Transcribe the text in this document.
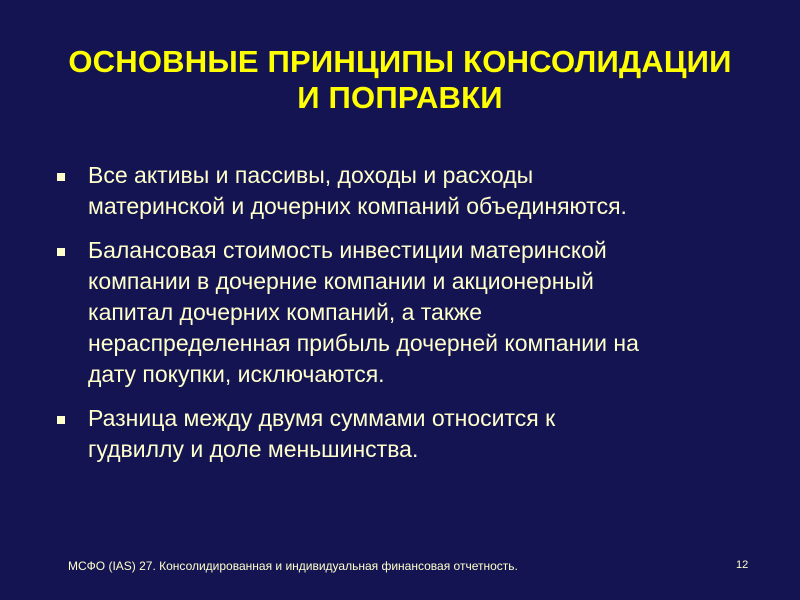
ОСНОВНЫЕ ПРИНЦИПЫ КОНСОЛИДАЦИИ
И ПОПРАВКИ
Все активы и пассивы, доходы и расходы
материнской и дочерних компаний объединяются.
Балансовая стоимость инвестиции материнской
компании в дочерние компании и акционерный
капитал дочерних компаний, а также
нераспределенная прибыль дочерней компании на
дату покупки, исключаются.
Разница между двумя суммами относится к
гудвиллу и доле меньшинства.
МСФО (IAS) 27. Консолидированная и индивидуальная финансовая отчетность.	12
